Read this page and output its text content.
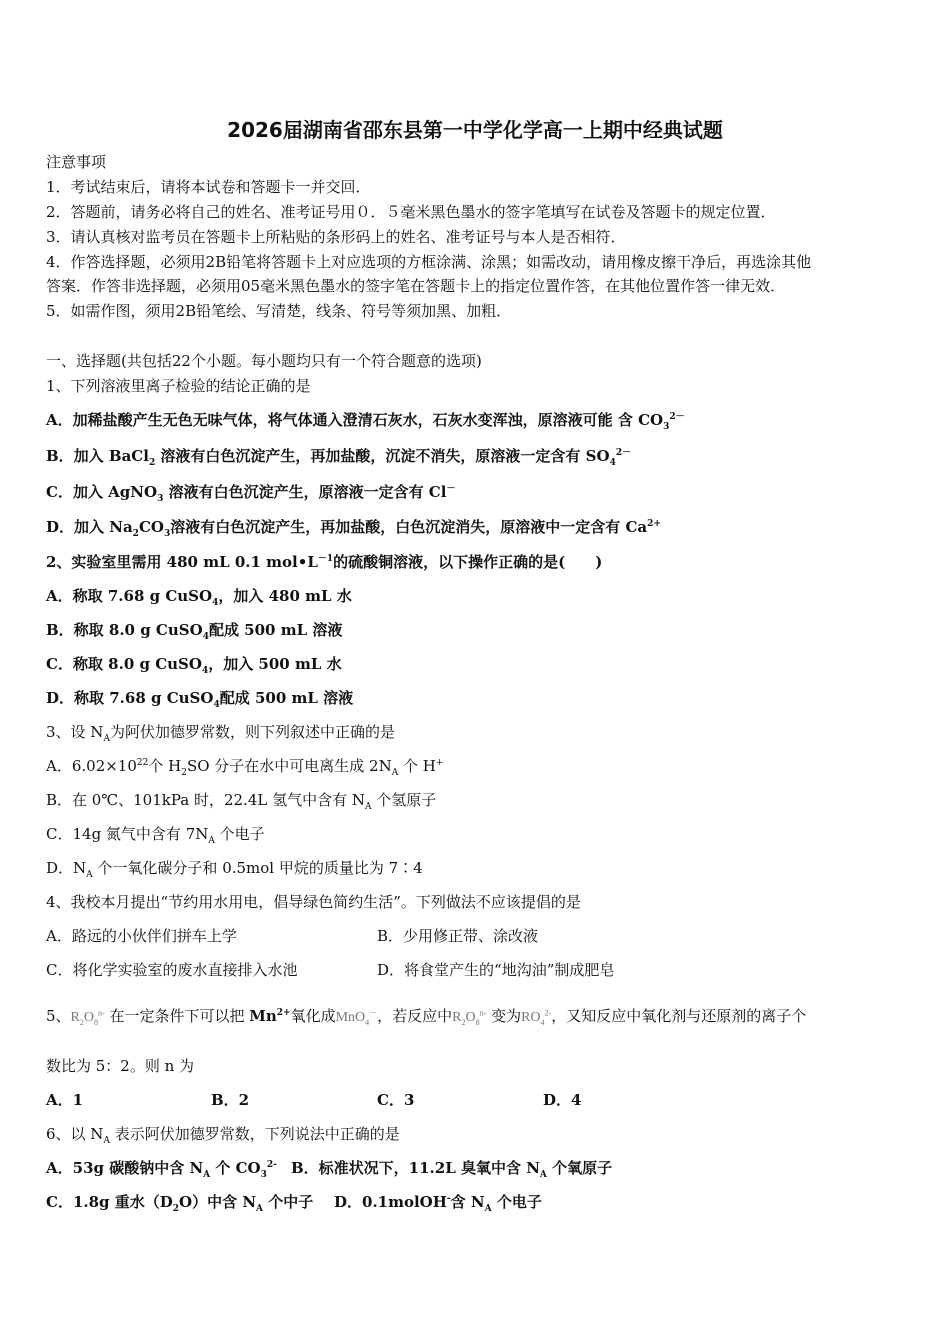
2026届湖南省邵东县第一中学化学高一上期中经典试题
注意事项
1．考试结束后，请将本试卷和答题卡一并交回．
2．答题前，请务必将自己的姓名、准考证号用０．５毫米黑色墨水的签字笔填写在试卷及答题卡的规定位置．
3．请认真核对监考员在答题卡上所粘贴的条形码上的姓名、准考证号与本人是否相符．
4．作答选择题，必须用2B铅笔将答题卡上对应选项的方框涂满、涂黑；如需改动，请用橡皮擦干净后，再选涂其他
答案．作答非选择题，必须用05毫米黑色墨水的签字笔在答题卡上的指定位置作答，在其他位置作答一律无效．
5．如需作图，须用2B铅笔绘、写清楚，线条、符号等须加黑、加粗．
一、选择题(共包括22个小题。每小题均只有一个符合题意的选项)
1、下列溶液里离子检验的结论正确的是
A．加稀盐酸产生无色无味气体，将气体通入澄清石灰水，石灰水变浑浊，原溶液可能 含 $CO_3^{2-}$
B．加入 BaCl$_2$ 溶液有白色沉淀产生，再加盐酸，沉淀不消失，原溶液一定含有 $SO_4^{2-}$
C．加入 AgNO$_3$ 溶液有白色沉淀产生，原溶液一定含有 Cl－
D．加入 $Na_2CO_3$溶液有白色沉淀产生，再加盐酸，白色沉淀消失，原溶液中一定含有 $Ca^{2+}$
2、实验室里需用 480 mL 0.1 $mol•L^{-1}$的硫酸铜溶液，以下操作正确的是(　　)
A．称取 7.68 g CuSO$_4$，加入 480 mL 水
B．称取 8.0 g CuSO$_4$配成 500 mL 溶液
C．称取 8.0 g CuSO$_4$，加入 500 mL 水
D．称取 7.68 g CuSO$_4$配成 500 mL 溶液
3、设 $N_A$为阿伏加德罗常数，则下列叙述中正确的是
A．$6.02\times 10^{22}$个 $H_2SO$ 分子在水中可电离生成 $2N_A$ 个 H+
B．在 0℃、101kPa 时，22.4L 氢气中含有 $N_A$ 个氢原子
C．14g 氮气中含有 $7N_A$ 个电子
D．$N_A$ 个一氧化碳分子和 0.5mol 甲烷的质量比为 7∶4
4、我校本月提出“节约用水用电，倡导绿色简约生活”。下列做法不应该提倡的是
A．路远的小伙伴们拼车上学	B．少用修正带、涂改液
C．将化学实验室的废水直接排入水池	D．将食堂产生的“地沟油”制成肥皂
5、$R_2O_8^{n-}$ 在一定条件下可以把 $Mn^{2+}$氧化成MnO$_4$－，若反应中$R_2O_8^{n-}$ 变为$RO_4^{2-}$，又知反应中氧化剂与还原剂的离子个
数比为 5：2。则 n 为
A．1	B．2	C．3	D．4
6、以 $N_A$ 表示阿伏加德罗常数，下列说法中正确的是
A．53g 碳酸钠中含 $N_A$ 个 $CO_3^{2-}$ B．标准状况下，11.2L 臭氧中含 $N_A$ 个氧原子
C．1.8g 重水$(D_2O)$中含 $N_A$ 个中子 D．0.1molOH-含 $N_A$ 个电子
